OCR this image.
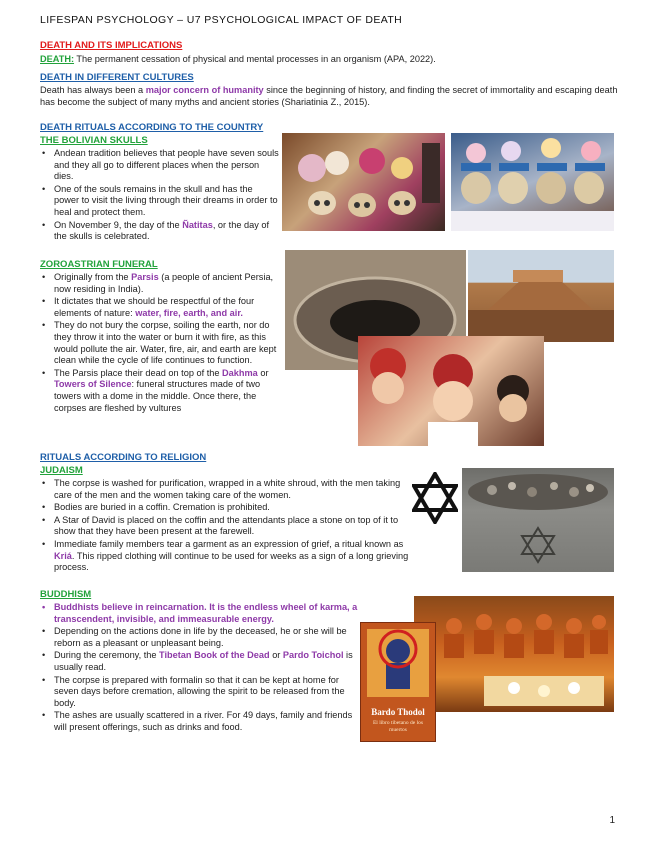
LIFESPAN PSYCHOLOGY – U7 PSYCHOLOGICAL IMPACT OF DEATH
DEATH AND ITS IMPLICATIONS
DEATH: The permanent cessation of physical and mental processes in an organism (APA, 2022).
DEATH IN DIFFERENT CULTURES
Death has always been a major concern of humanity since the beginning of history, and finding the secret of immortality and escaping death has become the subject of many myths and ancient stories (Shariatinia Z., 2015).
DEATH RITUALS ACCORDING TO THE COUNTRY
THE BOLIVIAN SKULLS
• Andean tradition believes that people have seven souls and they all go to different places when the person dies.
• One of the souls remains in the skull and has the power to visit the living through their dreams in order to heal and protect them.
• On November 9, the day of the Ñatitas, or the day of the skulls is celebrated.
ZOROASTRIAN FUNERAL
• Originally from the Parsis (a people of ancient Persia, now residing in India).
• It dictates that we should be respectful of the four elements of nature: water, fire, earth, and air.
• They do not bury the corpse, soiling the earth, nor do they throw it into the water or burn it with fire, as this would pollute the air. Water, fire, air, and earth are kept clean while the cycle of life continues to function.
• The Parsis place their dead on top of the Dakhma or Towers of Silence: funeral structures made of two towers with a dome in the middle. Once there, the corpses are fleshed by vultures
RITUALS ACCORDING TO RELIGION
JUDAISM
• The corpse is washed for purification, wrapped in a white shroud, with the men taking care of the men and the women taking care of the women.
• Bodies are buried in a coffin. Cremation is prohibited.
• A Star of David is placed on the coffin and the attendants place a stone on top of it to show that they have been present at the farewell.
• Immediate family members tear a garment as an expression of grief, a ritual known as Kriá. This ripped clothing will continue to be used for weeks as a sign of a long grieving process.
BUDDHISM
• Buddhists believe in reincarnation. It is the endless wheel of karma, a transcendent, invisible, and immeasurable energy.
• Depending on the actions done in life by the deceased, he or she will be reborn as a pleasant or unpleasant being.
• During the ceremony, the Tibetan Book of the Dead or Pardo Toichol is usually read.
• The corpse is prepared with formalin so that it can be kept at home for seven days before cremation, allowing the spirit to be released from the body.
• The ashes are usually scattered in a river. For 49 days, family and friends will present offerings, such as drinks and food.
Bardo Thodol
El libro tibetano de los muertos
1
